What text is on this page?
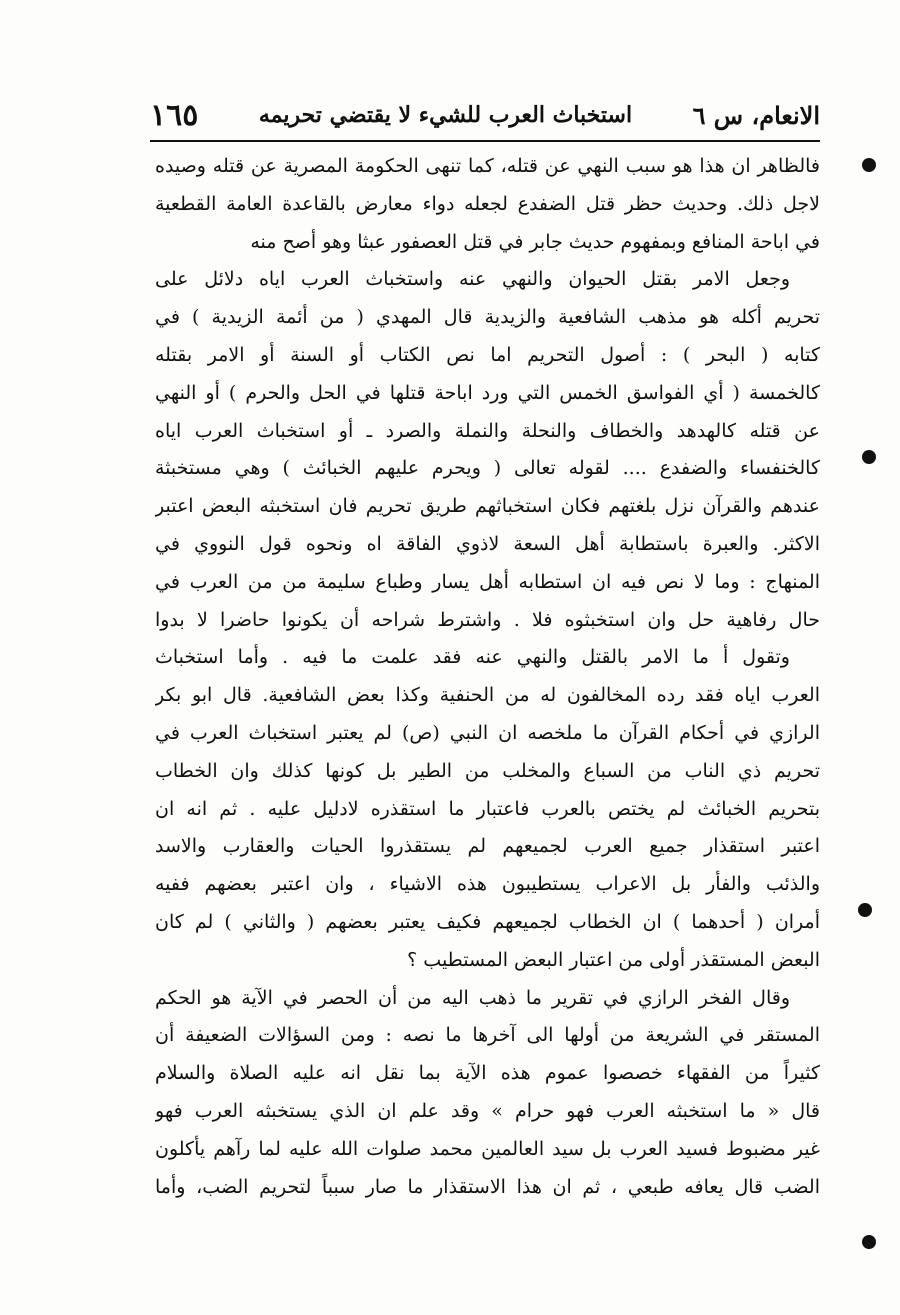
الانعام، س ٦
استخباث العرب للشيء لا يقتضي تحريمه
١٦٥
فالظاهر ان هذا هو سبب النهي عن قتله، كما تنهى الحكومة المصرية عن قتله وصيده
لاجل ذلك. وحديث حظر قتل الضفدع لجعله دواء معارض بالقاعدة العامة القطعية
في اباحة المنافع وبمفهوم حديث جابر في قتل العصفور عبثا وهو أصح منه
وجعل الامر بقتل الحيوان والنهي عنه واستخباث العرب اياه دلائل على
تحريم أكله هو مذهب الشافعية والزيدية قال المهدي ( من أئمة الزيدية ) في
كتابه ( البحر ) : أصول التحريم اما نص الكتاب أو السنة أو الامر بقتله
كالخمسة ( أي الفواسق الخمس التي ورد اباحة قتلها في الحل والحرم ) أو النهي
عن قتله كالهدهد والخطاف والنحلة والنملة والصرد ـ أو استخباث العرب اياه
كالخنفساء والضفدع .... لقوله تعالى ( ويحرم عليهم الخبائث ) وهي مستخبثة
عندهم والقرآن نزل بلغتهم فكان استخباثهم طريق تحريم فان استخبثه البعض اعتبر
الاكثر. والعبرة باستطابة أهل السعة لاذوي الفاقة اه ونحوه قول النووي في
المنهاج : وما لا نص فيه ان استطابه أهل يسار وطباع سليمة من من العرب في
حال رفاهية حل وان استخبثوه فلا . واشترط شراحه أن يكونوا حاضرا لا بدوا
وتقول أ ما الامر بالقتل والنهي عنه فقد علمت ما فيه . وأما استخباث
العرب اياه فقد رده المخالفون له من الحنفية وكذا بعض الشافعية. قال ابو بكر
الرازي في أحكام القرآن ما ملخصه ان النبي (ص) لم يعتبر استخباث العرب في
تحريم ذي الناب من السباع والمخلب من الطير بل كونها كذلك وان الخطاب
بتحريم الخبائث لم يختص بالعرب فاعتبار ما استقذره لادليل عليه . ثم انه ان
اعتبر استقذار جميع العرب لجميعهم لم يستقذروا الحيات والعقارب والاسد
والذئب والفأر بل الاعراب يستطيبون هذه الاشياء ، وان اعتبر بعضهم ففيه
أمران ( أحدهما ) ان الخطاب لجميعهم فكيف يعتبر بعضهم ( والثاني ) لم كان
البعض المستقذر أولى من اعتبار البعض المستطيب ؟
وقال الفخر الرازي في تقرير ما ذهب اليه من أن الحصر في الآية هو الحكم
المستقر في الشريعة من أولها الى آخرها ما نصه : ومن السؤالات الضعيفة أن
كثيراً من الفقهاء خصصوا عموم هذه الآية بما نقل انه عليه الصلاة والسلام
قال « ما استخبثه العرب فهو حرام » وقد علم ان الذي يستخبثه العرب فهو
غير مضبوط فسيد العرب بل سيد العالمين محمد صلوات الله عليه لما رآهم يأكلون
الضب قال يعافه طبعي ، ثم ان هذا الاستقذار ما صار سبباً لتحريم الضب، وأما
